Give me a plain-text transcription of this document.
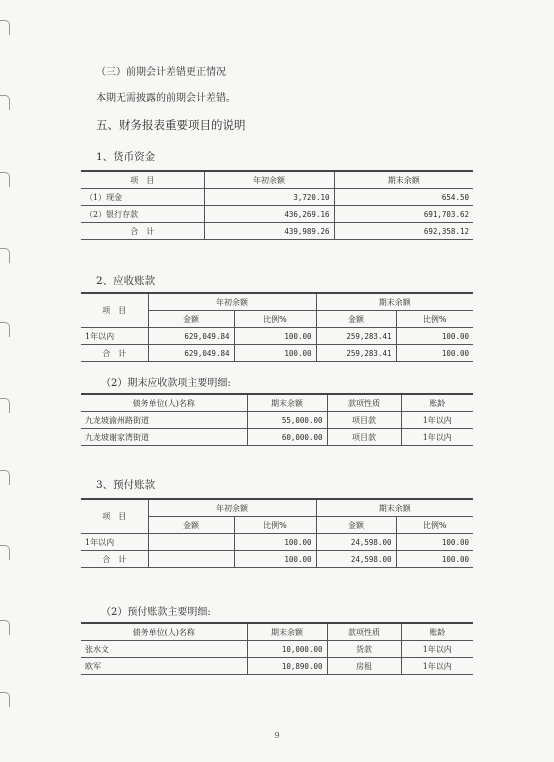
（三）前期会计差错更正情况
本期无需披露的前期会计差错。
五、财务报表重要项目的说明
1、货币资金
项　目	年初余额	期末余额
（1）现金	3,720.10	654.50
（2）银行存款	436,269.16	691,703.62
合　计	439,989.26	692,358.12
2、应收账款
项　目	年初余额		期末余额	
	金额	比例%	金额	比例%
1年以内	629,049.84	100.00	259,283.41	100.00
合　计	629,049.84	100.00	259,283.41	100.00
（2）期末应收款项主要明细:
债务单位(人)名称	期末余额	款项性质	账龄
九龙坡渝州路街道	55,000.00	项目款	1年以内
九龙坡谢家湾街道	60,000.00	项目款	1年以内
3、预付账款
项　目	年初余额		期末余额	
	金额	比例%	金额	比例%
1年以内		100.00	24,598.00	100.00
合　计		100.00	24,598.00	100.00
（2）预付账款主要明细:
债务单位(人)名称	期末余额	款项性质	账龄
张水文	10,000.00	货款	1年以内
欧军	10,890.00	房租	1年以内
9
